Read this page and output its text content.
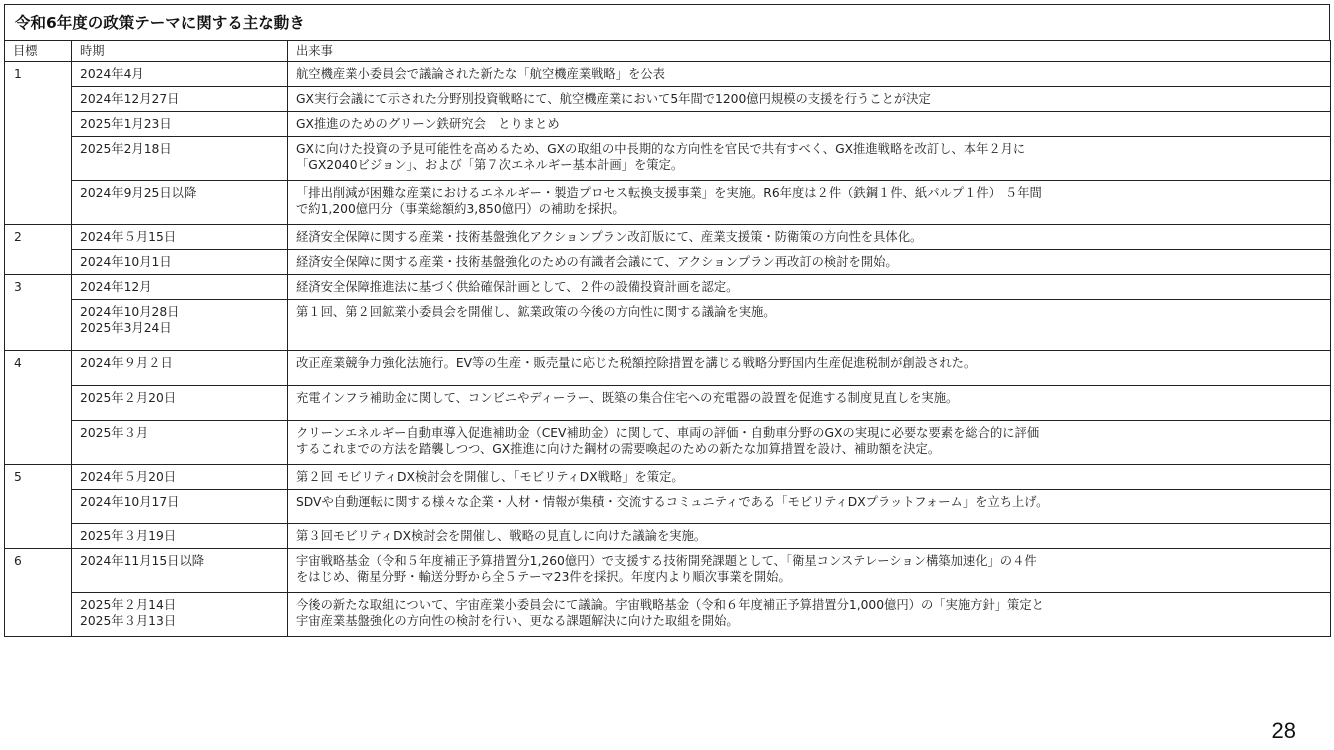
令和6年度の政策テーマに関する主な動き
目標	時期	出来事
1	2024年4月	航空機産業小委員会で議論された新たな「航空機産業戦略」を公表

	2024年12月27日	GX実行会議にて示された分野別投資戦略にて、航空機産業において5年間で1200億円規模の支援を行うことが決定

	2025年1月23日	GX推進のためのグリーン鉄研究会　とりまとめ

	2025年2月18日	GXに向けた投資の予見可能性を高めるため、GXの取組の中長期的な方向性を官民で共有すべく、GX推進戦略を改訂し、本年２月に
「GX2040ビジョン」、および「第７次エネルギー基本計画」を策定。

	2024年9月25日以降	「排出削減が困難な産業におけるエネルギー・製造プロセス転換支援事業」を実施。R6年度は２件（鉄鋼１件、紙パルプ１件） ５年間
で約1,200億円分（事業総額約3,850億円）の補助を採択。

2	2024年５月15日	経済安全保障に関する産業・技術基盤強化アクションプラン改訂版にて、産業支援策・防衛策の方向性を具体化。

	2024年10月1日	経済安全保障に関する産業・技術基盤強化のための有識者会議にて、アクションプラン再改訂の検討を開始。

3	2024年12月	経済安全保障推進法に基づく供給確保計画として、２件の設備投資計画を認定。

	2024年10月28日
2025年3月24日	第１回、第２回鉱業小委員会を開催し、鉱業政策の今後の方向性に関する議論を実施。

4	2024年９月２日	改正産業競争力強化法施行。EV等の生産・販売量に応じた税額控除措置を講じる戦略分野国内生産促進税制が創設された。

	2025年２月20日	充電インフラ補助金に関して、コンビニやディーラー、既築の集合住宅への充電器の設置を促進する制度見直しを実施。

	2025年３月	クリーンエネルギー自動車導入促進補助金（CEV補助金）に関して、車両の評価・自動車分野のGXの実現に必要な要素を総合的に評価
するこれまでの方法を踏襲しつつ、GX推進に向けた鋼材の需要喚起のための新たな加算措置を設け、補助額を決定。

5	2024年５月20日	第２回 モビリティDX検討会を開催し、「モビリティDX戦略」を策定。

	2024年10月17日	SDVや自動運転に関する様々な企業・人材・情報が集積・交流するコミュニティである「モビリティDXプラットフォーム」を立ち上げ。

	2025年３月19日	第３回モビリティDX検討会を開催し、戦略の見直しに向けた議論を実施。

6	2024年11月15日以降	宇宙戦略基金（令和５年度補正予算措置分1,260億円）で支援する技術開発課題として、「衛星コンステレーション構築加速化」の４件
をはじめ、衛星分野・輸送分野から全５テーマ23件を採択。年度内より順次事業を開始。

	2025年２月14日
2025年３月13日	今後の新たな取組について、宇宙産業小委員会にて議論。宇宙戦略基金（令和６年度補正予算措置分1,000億円）の「実施方針」策定と
宇宙産業基盤強化の方向性の検討を行い、更なる課題解決に向けた取組を開始。
28
